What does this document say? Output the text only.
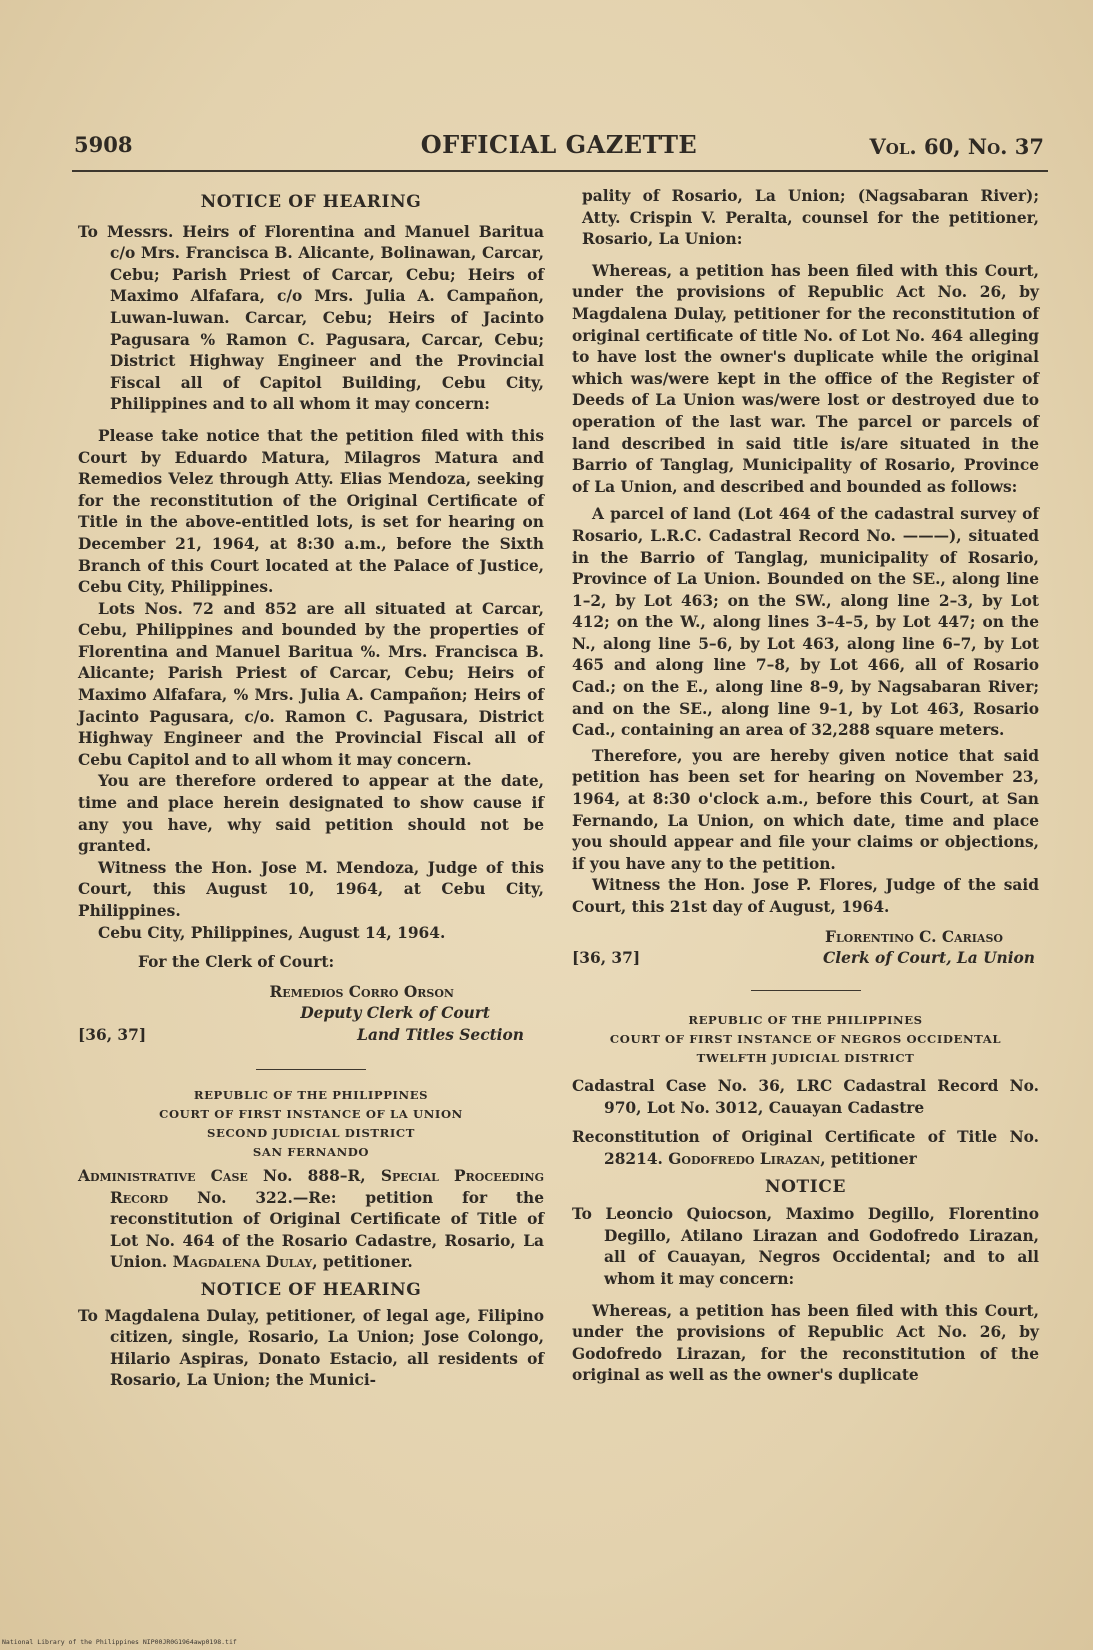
5908	OFFICIAL GAZETTE	Vol. 60, No. 37
NOTICE OF HEARING

To Messrs. Heirs of Florentina and Manuel Baritua c/o Mrs. Francisca B. Alicante, Bolinawan, Carcar, Cebu; Parish Priest of Carcar, Cebu; Heirs of Maximo Alfafara, c/o Mrs. Julia A. Campañon, Luwan-luwan. Carcar, Cebu; Heirs of Jacinto Pagusara % Ramon C. Pagusara, Carcar, Cebu; District Highway Engineer and the Provincial Fiscal all of Capitol Building, Cebu City, Philippines and to all whom it may concern:

Please take notice that the petition filed with this Court by Eduardo Matura, Milagros Matura and Remedios Velez through Atty. Elias Mendoza, seeking for the reconstitution of the Original Certificate of Title in the above-entitled lots, is set for hearing on December 21, 1964, at 8:30 a.m., before the Sixth Branch of this Court located at the Palace of Justice, Cebu City, Philippines.

Lots Nos. 72 and 852 are all situated at Carcar, Cebu, Philippines and bounded by the properties of Florentina and Manuel Baritua %. Mrs. Francisca B. Alicante; Parish Priest of Carcar, Cebu; Heirs of Maximo Alfafara, % Mrs. Julia A. Campañon; Heirs of Jacinto Pagusara, c/o. Ramon C. Pagusara, District Highway Engineer and the Provincial Fiscal all of Cebu Capitol and to all whom it may concern.

You are therefore ordered to appear at the date, time and place herein designated to show cause if any you have, why said petition should not be granted.

Witness the Hon. Jose M. Mendoza, Judge of this Court, this August 10, 1964, at Cebu City, Philippines.

Cebu City, Philippines, August 14, 1964.

For the Clerk of Court:

Remedios Corro Orson

Deputy Clerk of Court

[36, 37]	Land Titles Section
REPUBLIC OF THE PHILIPPINES
COURT OF FIRST INSTANCE OF LA UNION
SECOND JUDICIAL DISTRICT
SAN FERNANDO

Administrative Case No. 888–R, Special Proceeding Record No. 322.—Re: petition for the reconstitution of Original Certificate of Title of Lot No. 464 of the Rosario Cadastre, Rosario, La Union. Magdalena Dulay, petitioner.

NOTICE OF HEARING

To Magdalena Dulay, petitioner, of legal age, Filipino citizen, single, Rosario, La Union; Jose Colongo, Hilario Aspiras, Donato Estacio, all residents of Rosario, La Union; the Munici-

pality of Rosario, La Union; (Nagsabaran River); Atty. Crispin V. Peralta, counsel for the petitioner, Rosario, La Union:

Whereas, a petition has been filed with this Court, under the provisions of Republic Act No. 26, by Magdalena Dulay, petitioner for the reconstitution of original certificate of title No. of Lot No. 464 alleging to have lost the owner's duplicate while the original which was/were kept in the office of the Register of Deeds of La Union was/were lost or destroyed due to operation of the last war. The parcel or parcels of land described in said title is/are situated in the Barrio of Tanglag, Municipality of Rosario, Province of La Union, and described and bounded as follows:

A parcel of land (Lot 464 of the cadastral survey of Rosario, L.R.C. Cadastral Record No. ———), situated in the Barrio of Tanglag, municipality of Rosario, Province of La Union. Bounded on the SE., along line 1–2, by Lot 463; on the SW., along line 2–3, by Lot 412; on the W., along lines 3–4–5, by Lot 447; on the N., along line 5–6, by Lot 463, along line 6–7, by Lot 465 and along line 7–8, by Lot 466, all of Rosario Cad.; on the E., along line 8–9, by Nagsabaran River; and on the SE., along line 9–1, by Lot 463, Rosario Cad., containing an area of 32,288 square meters.

Therefore, you are hereby given notice that said petition has been set for hearing on November 23, 1964, at 8:30 o'clock a.m., before this Court, at San Fernando, La Union, on which date, time and place you should appear and file your claims or objections, if you have any to the petition.

Witness the Hon. Jose P. Flores, Judge of the said Court, this 21st day of August, 1964.

Florentino C. Cariaso

[36, 37]	Clerk of Court, La Union
REPUBLIC OF THE PHILIPPINES
COURT OF FIRST INSTANCE OF NEGROS OCCIDENTAL
TWELFTH JUDICIAL DISTRICT

Cadastral Case No. 36, LRC Cadastral Record No. 970, Lot No. 3012, Cauayan Cadastre

Reconstitution of Original Certificate of Title No. 28214. Godofredo Lirazan, petitioner

NOTICE

To Leoncio Quiocson, Maximo Degillo, Florentino Degillo, Atilano Lirazan and Godofredo Lirazan, all of Cauayan, Negros Occidental; and to all whom it may concern:

Whereas, a petition has been filed with this Court, under the provisions of Republic Act No. 26, by Godofredo Lirazan, for the reconstitution of the original as well as the owner's duplicate

National Library of the Philippines NIP00JR0G1964awp0198.tif
